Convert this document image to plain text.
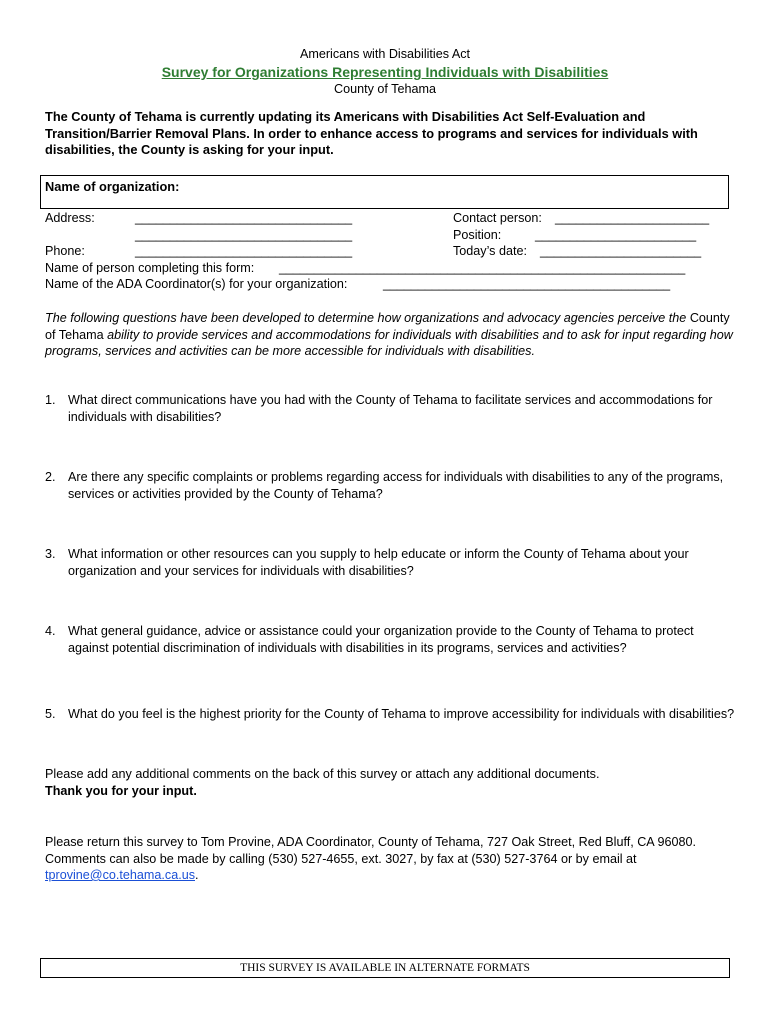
Americans with Disabilities Act
Survey for Organizations Representing Individuals with Disabilities
County of Tehama
The County of Tehama is currently updating its Americans with Disabilities Act Self-Evaluation and Transition/Barrier Removal Plans. In order to enhance access to programs and services for individuals with disabilities, the County is asking for your input.
Name of organization:
Address:	_______________________________
_______________________________
Phone:	_______________________________
Contact person: ______________________
Position:	_______________________
Today’s date: _______________________
Name of person completing this form: __________________________________________________________
Name of the ADA Coordinator(s) for your organization:	_________________________________________
The following questions have been developed to determine how organizations and advocacy agencies perceive the County of Tehama ability to provide services and accommodations for individuals with disabilities and to ask for input regarding how programs, services and activities can be more accessible for individuals with disabilities.
1. What direct communications have you had with the County of Tehama to facilitate services and accommodations for individuals with disabilities?
2. Are there any specific complaints or problems regarding access for individuals with disabilities to any of the programs, services or activities provided by the County of Tehama?
3. What information or other resources can you supply to help educate or inform the County of Tehama about your organization and your services for individuals with disabilities?
4. What general guidance, advice or assistance could your organization provide to the County of Tehama to protect against potential discrimination of individuals with disabilities in its programs, services and activities?
5. What do you feel is the highest priority for the County of Tehama to improve accessibility for individuals with disabilities?
Please add any additional comments on the back of this survey or attach any additional documents.
Thank you for your input.
Please return this survey to Tom Provine, ADA Coordinator, County of Tehama, 727 Oak Street, Red Bluff, CA 96080. Comments can also be made by calling (530) 527-4655, ext. 3027, by fax at (530) 527-3764 or by email at tprovine@co.tehama.ca.us.
THIS SURVEY IS AVAILABLE IN ALTERNATE FORMATS
